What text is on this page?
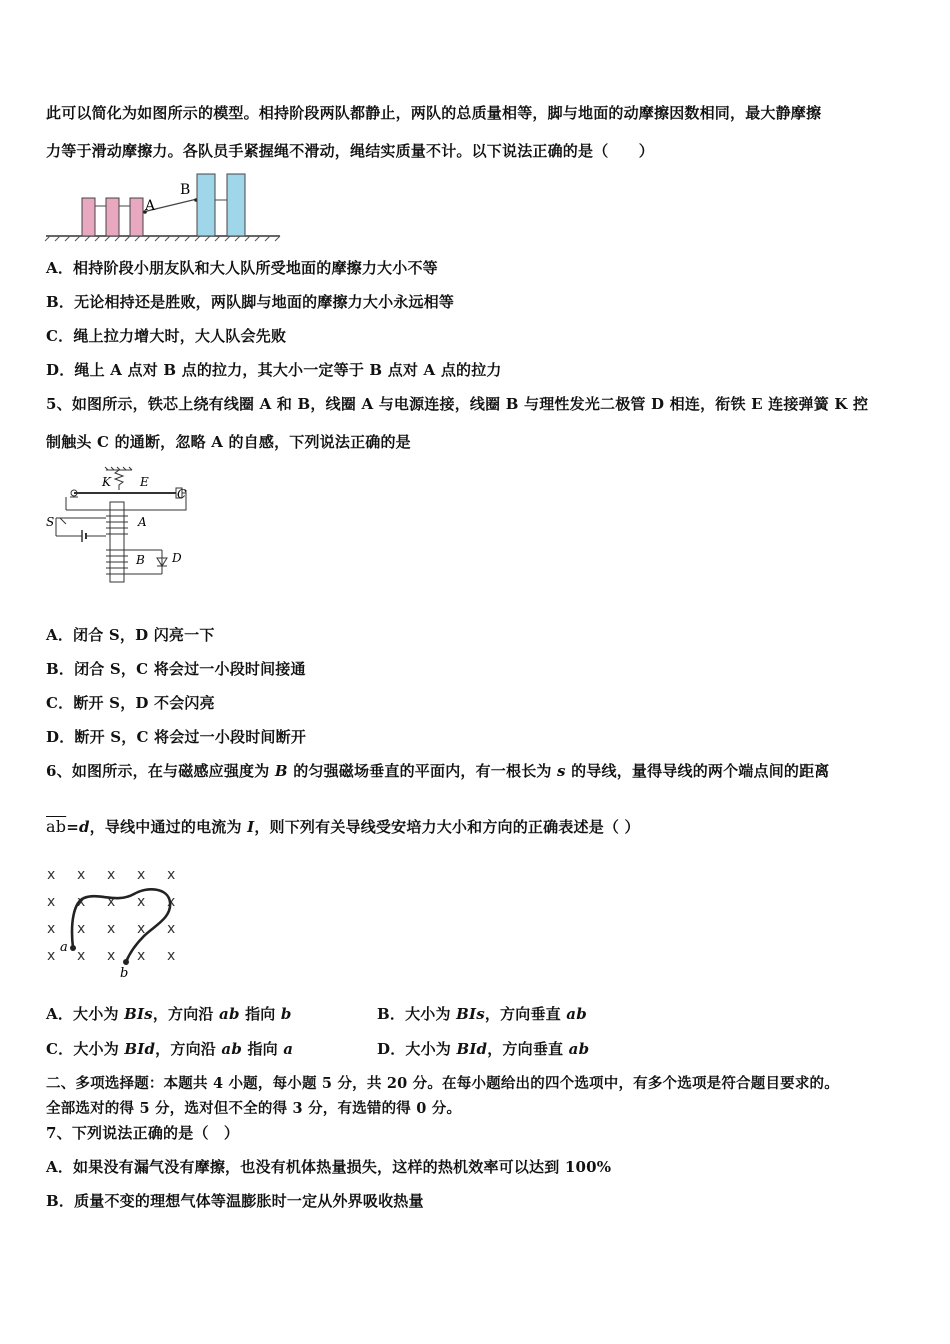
此可以简化为如图所示的模型。相持阶段两队都静止，两队的总质量相等，脚与地面的动摩擦因数相同，最大静摩擦
力等于滑动摩擦力。各队员手紧握绳不滑动，绳结实质量不计。以下说法正确的是（　　）
A
B
A．相持阶段小朋友队和大人队所受地面的摩擦力大小不等
B．无论相持还是胜败，两队脚与地面的摩擦力大小永远相等
C．绳上拉力增大时，大人队会先败
D．绳上 A 点对 B 点的拉力，其大小一定等于 B 点对 A 点的拉力
5、如图所示，铁芯上绕有线圈 A 和 B，线圈 A 与电源连接，线圈 B 与理性发光二极管 D 相连，衔铁 E 连接弹簧 K 控
制触头 C 的通断，忽略 A 的自感，下列说法正确的是
K E
C
S	A
B D
A．闭合 S，D 闪亮一下
B．闭合 S，C 将会过一小段时间接通
C．断开 S，D 不会闪亮
D．断开 S，C 将会过一小段时间断开
6、如图所示，在与磁感应强度为 B 的匀强磁场垂直的平面内，有一根长为 s 的导线，量得导线的两个端点间的距离
$\overline{ab}=d$，导线中通过的电流为 I，则下列有关导线受安培力大小和方向的正确表述是（ ）
x x x x x
x x x x x
x x x x x
x x x x x
a
b
A．大小为 BIs，方向沿 ab 指向 b	B．大小为 BIs，方向垂直 ab
C．大小为 BId，方向沿 ab 指向 a	D．大小为 BId，方向垂直 ab
二、多项选择题：本题共 4 小题，每小题 5 分，共 20 分。在每小题给出的四个选项中，有多个选项是符合题目要求的。
全部选对的得 5 分，选对但不全的得 3 分，有选错的得 0 分。
7、下列说法正确的是（　）
A．如果没有漏气没有摩擦，也没有机体热量损失，这样的热机效率可以达到 100%
B．质量不变的理想气体等温膨胀时一定从外界吸收热量
